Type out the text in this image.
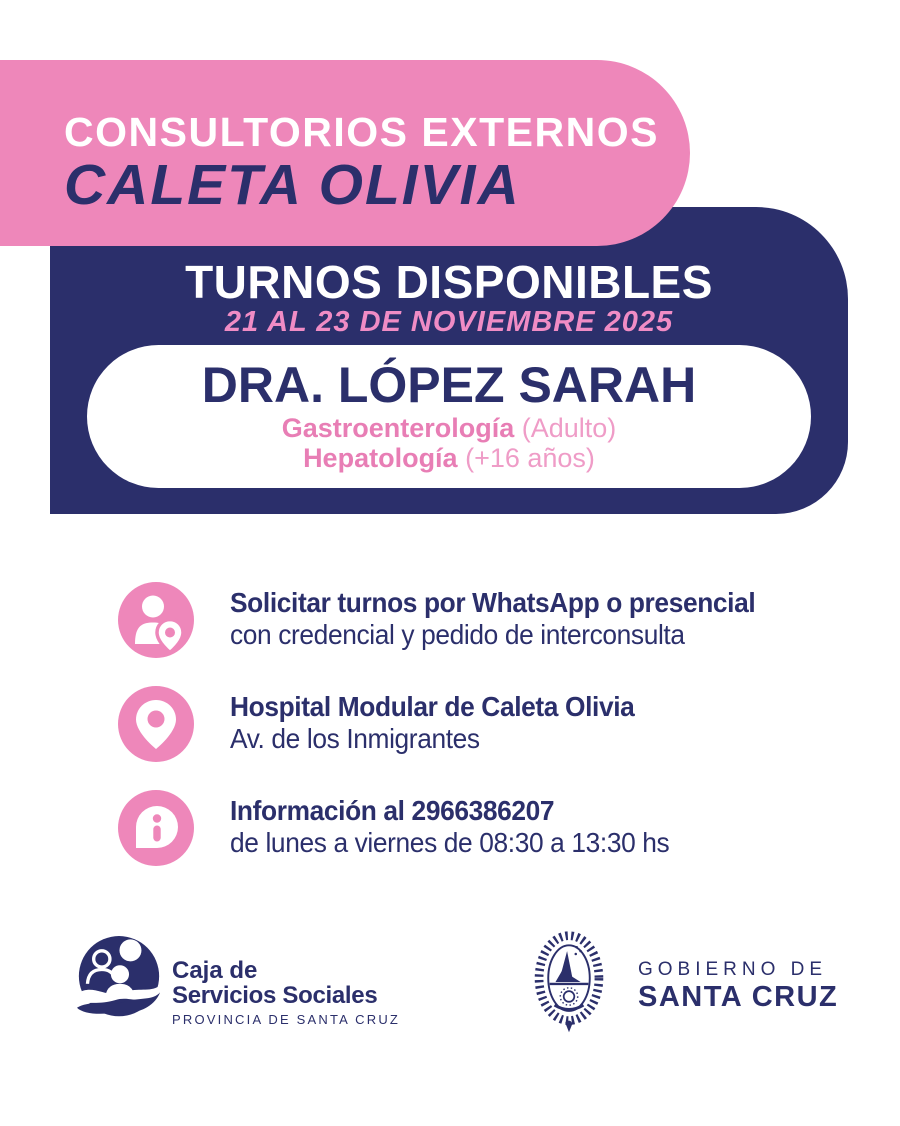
TURNOS DISPONIBLES
21 AL 23 DE NOVIEMBRE 2025
DRA. LÓPEZ SARAH
Gastroenterología (Adulto)
Hepatología (+16 años)
CONSULTORIOS EXTERNOS
CALETA OLIVIA
Solicitar turnos por WhatsApp o presencial
con credencial y pedido de interconsulta
Hospital Modular de Caleta Olivia
Av. de los Inmigrantes
Información al 2966386207
de lunes a viernes de 08:30 a 13:30 hs
Caja de
Servicios Sociales
PROVINCIA DE SANTA CRUZ
GOBIERNO DE
SANTA CRUZ
